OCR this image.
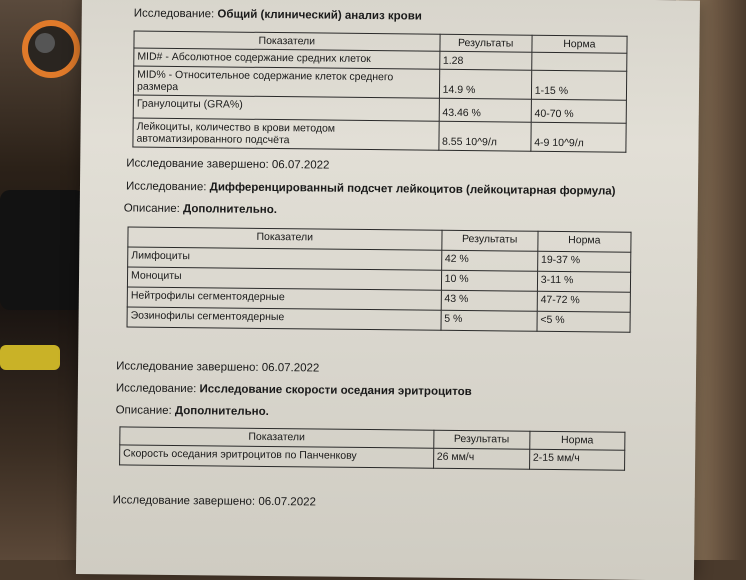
Исследование: Общий (клинический) анализ крови
Показатели	Результаты	Норма
MID# - Абсолютное содержание средних клеток	1.28	
MID% - Относительное содержание клеток среднего размера	14.9 %	1-15 %
Гранулоциты (GRA%)	43.46 %	40-70 %
Лейкоциты, количество в крови методом автоматизированного подсчёта	8.55 10^9/л	4-9 10^9/л
Исследование завершено: 06.07.2022
Исследование: Дифференцированный подсчет лейкоцитов (лейкоцитарная формула)
Описание: Дополнительно.
Показатели	Результаты	Норма
Лимфоциты	42 %	19-37 %
Моноциты	10 %	3-11 %
Нейтрофилы сегментоядерные	43 %	47-72 %
Эозинофилы сегментоядерные	5 %	<5 %
Исследование завершено: 06.07.2022
Исследование: Исследование скорости оседания эритроцитов
Описание: Дополнительно.
Показатели	Результаты	Норма
Скорость оседания эритроцитов по Панченкову	26 мм/ч	2-15 мм/ч
Исследование завершено: 06.07.2022
